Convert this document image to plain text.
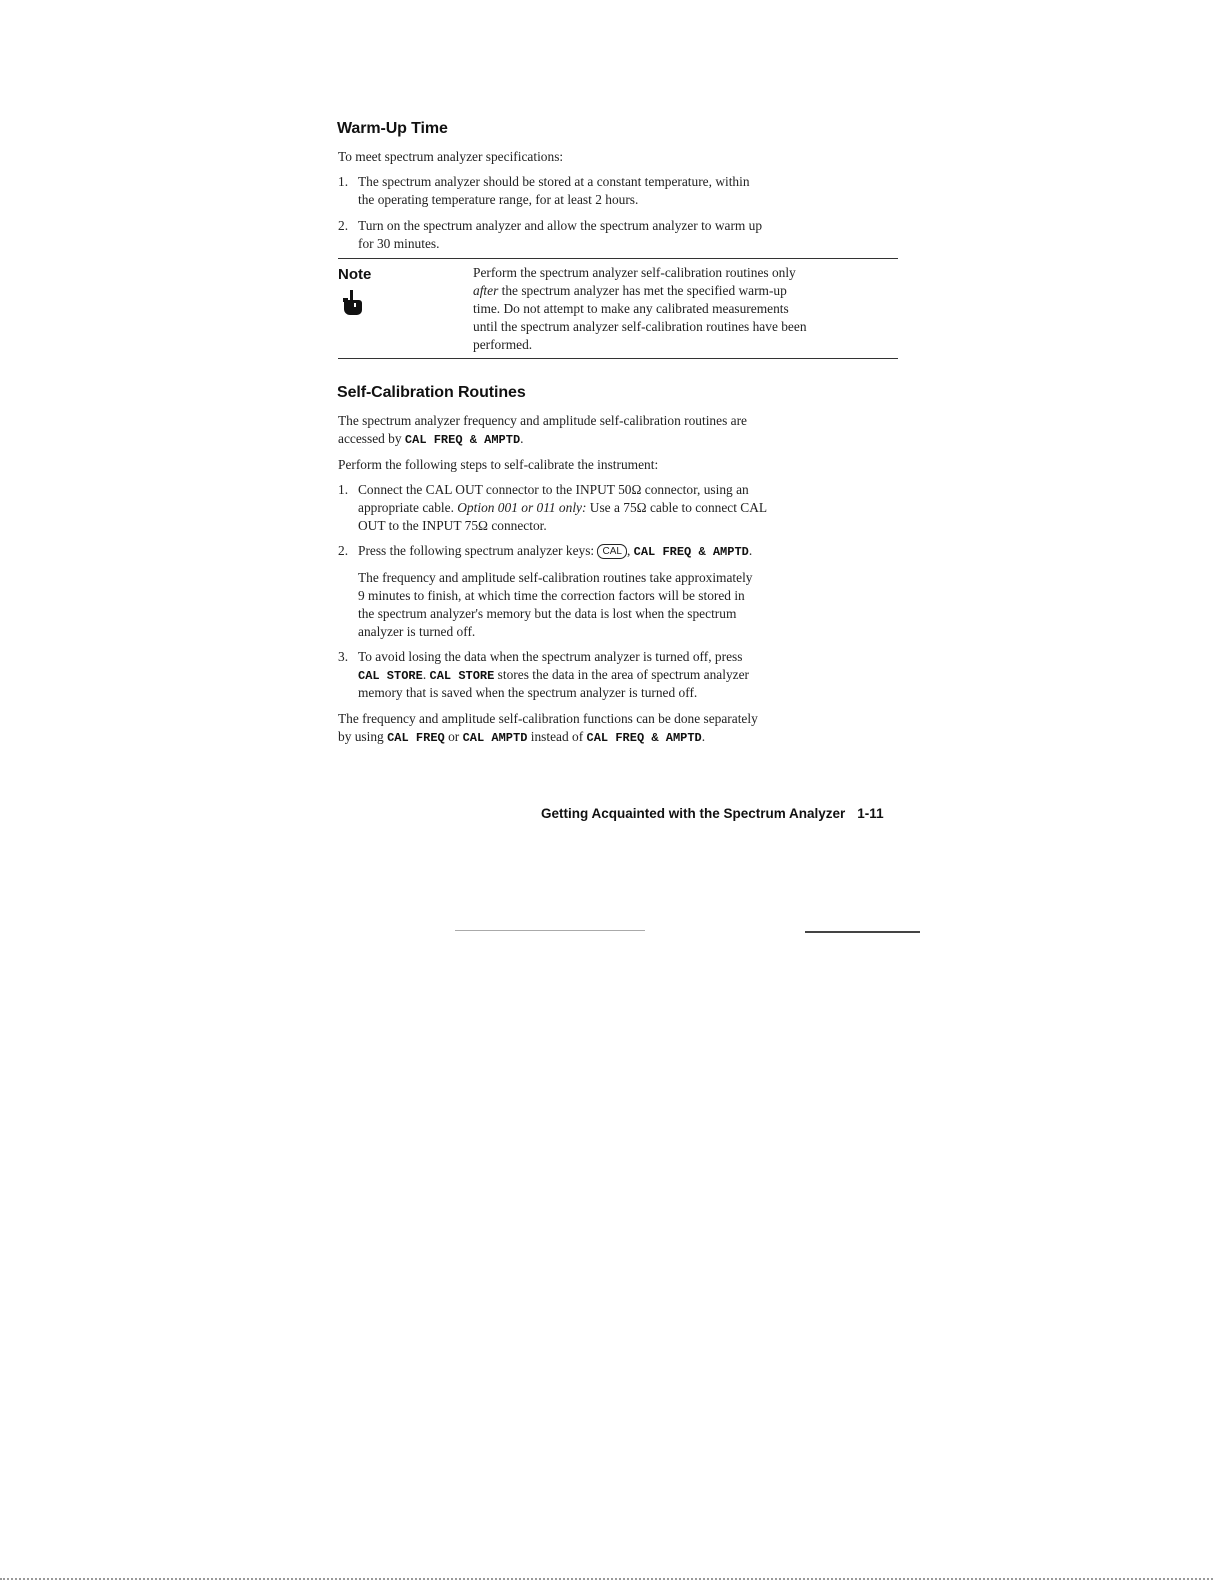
Warm-Up Time
To meet spectrum analyzer specifications:
1. The spectrum analyzer should be stored at a constant temperature, within
the operating temperature range, for at least 2 hours.
2. Turn on the spectrum analyzer and allow the spectrum analyzer to warm up
for 30 minutes.
Note	Perform the spectrum analyzer self-calibration routines only
after the spectrum analyzer has met the specified warm-up
time. Do not attempt to make any calibrated measurements
until the spectrum analyzer self-calibration routines have been
performed.
Self-Calibration Routines
The spectrum analyzer frequency and amplitude self-calibration routines are
accessed by CAL FREQ & AMPTD.
Perform the following steps to self-calibrate the instrument:
1. Connect the CAL OUT connector to the INPUT 50Ω connector, using an
appropriate cable. Option 001 or 011 only: Use a 75Ω cable to connect CAL
OUT to the INPUT 75Ω connector.
2. Press the following spectrum analyzer keys: CAL , CAL FREQ & AMPTD.
The frequency and amplitude self-calibration routines take approximately
9 minutes to finish, at which time the correction factors will be stored in
the spectrum analyzer's memory but the data is lost when the spectrum
analyzer is turned off.
3. To avoid losing the data when the spectrum analyzer is turned off, press
CAL STORE. CAL STORE stores the data in the area of spectrum analyzer
memory that is saved when the spectrum analyzer is turned off.
The frequency and amplitude self-calibration functions can be done separately
by using CAL FREQ or CAL AMPTD instead of CAL FREQ & AMPTD.
Getting Acquainted with the Spectrum Analyzer 1-11
